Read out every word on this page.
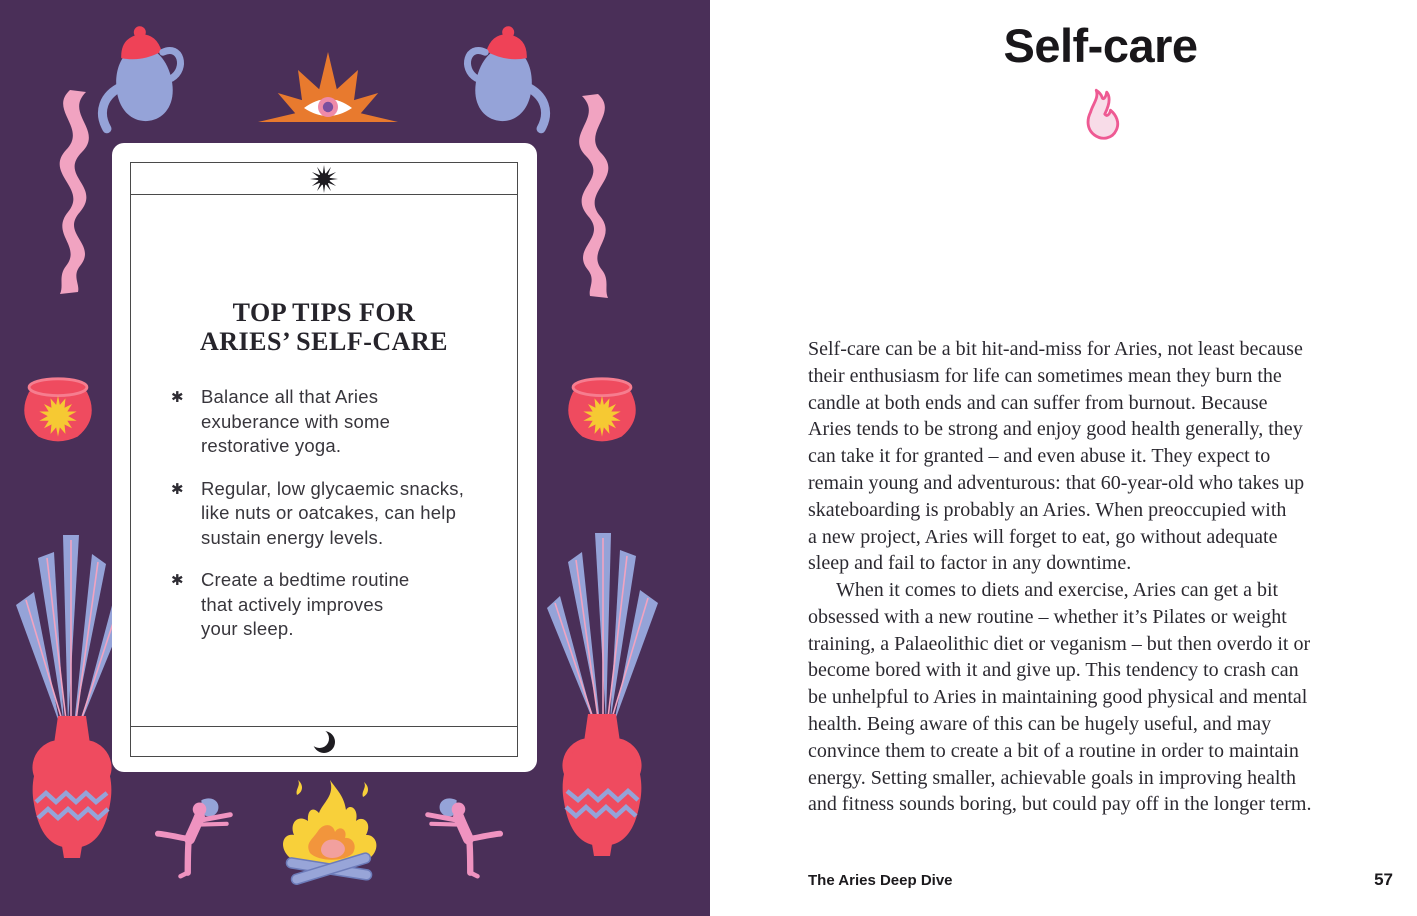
TOP TIPS FOR
ARIES’ SELF-CARE
✱ Balance all that Aries
exuberance with some
restorative yoga.
✱ Regular, low glycaemic snacks,
like nuts or oatcakes, can help
sustain energy levels.
✱ Create a bedtime routine
that actively improves
your sleep.
Self-care
Self-care can be a bit hit-and-miss for Aries, not least because
their enthusiasm for life can sometimes mean they burn the
candle at both ends and can suffer from burnout. Because
Aries tends to be strong and enjoy good health generally, they
can take it for granted – and even abuse it. They expect to
remain young and adventurous: that 60-year-old who takes up
skateboarding is probably an Aries. When preoccupied with
a new project, Aries will forget to eat, go without adequate
sleep and fail to factor in any downtime.
When it comes to diets and exercise, Aries can get a bit
obsessed with a new routine – whether it’s Pilates or weight
training, a Palaeolithic diet or veganism – but then overdo it or
become bored with it and give up. This tendency to crash can
be unhelpful to Aries in maintaining good physical and mental
health. Being aware of this can be hugely useful, and may
convince them to create a bit of a routine in order to maintain
energy. Setting smaller, achievable goals in improving health
and fitness sounds boring, but could pay off in the longer term.
The Aries Deep Dive	57
